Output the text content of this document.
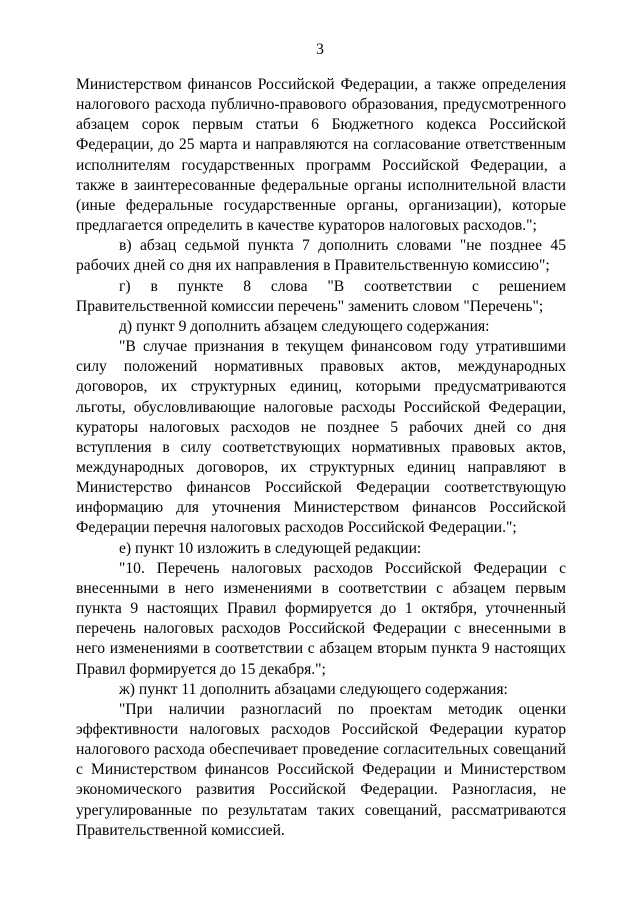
3

Министерством финансов Российской Федерации, а также определения налогового расхода публично-правового образования, предусмотренного абзацем сорок первым статьи 6 Бюджетного кодекса Российской Федерации, до 25 марта и направляются на согласование ответственным исполнителям государственных программ Российской Федерации, а также в заинтересованные федеральные органы исполнительной власти (иные федеральные государственные органы, организации), которые предлагается определить в качестве кураторов налоговых расходов.";

в) абзац седьмой пункта 7 дополнить словами "не позднее 45 рабочих дней со дня их направления в Правительственную комиссию";

г) в пункте 8 слова "В соответствии с решением Правительственной комиссии перечень" заменить словом "Перечень";

д) пункт 9 дополнить абзацем следующего содержания:

"В случае признания в текущем финансовом году утратившими силу положений нормативных правовых актов, международных договоров, их структурных единиц, которыми предусматриваются льготы, обусловливающие налоговые расходы Российской Федерации, кураторы налоговых расходов не позднее 5 рабочих дней со дня вступления в силу соответствующих нормативных правовых актов, международных договоров, их структурных единиц направляют в Министерство финансов Российской Федерации соответствующую информацию для уточнения Министерством финансов Российской Федерации перечня налоговых расходов Российской Федерации.";

е) пункт 10 изложить в следующей редакции:

"10. Перечень налоговых расходов Российской Федерации с внесенными в него изменениями в соответствии с абзацем первым пункта 9 настоящих Правил формируется до 1 октября, уточненный перечень налоговых расходов Российской Федерации с внесенными в него изменениями в соответствии с абзацем вторым пункта 9 настоящих Правил формируется до 15 декабря.";

ж) пункт 11 дополнить абзацами следующего содержания:

"При наличии разногласий по проектам методик оценки эффективности налоговых расходов Российской Федерации куратор налогового расхода обеспечивает проведение согласительных совещаний с Министерством финансов Российской Федерации и Министерством экономического развития Российской Федерации. Разногласия, не урегулированные по результатам таких совещаний, рассматриваются Правительственной комиссией.
